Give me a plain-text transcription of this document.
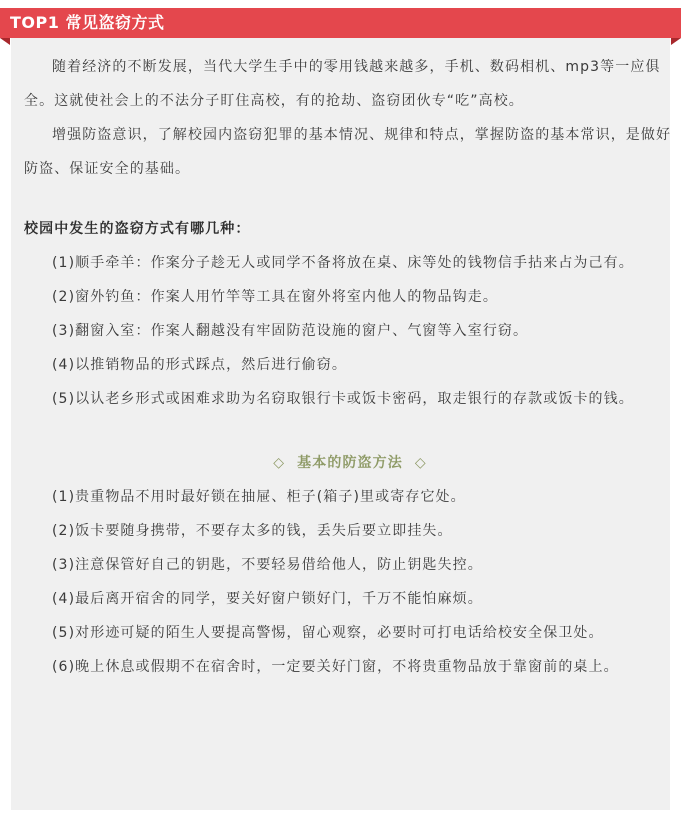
TOP1 常见盗窃方式

随着经济的不断发展，当代大学生手中的零用钱越来越多，手机、数码相机、mp3等一应俱全。这就使社会上的不法分子盯住高校，有的抢劫、盗窃团伙专“吃”高校。

增强防盗意识，了解校园内盗窃犯罪的基本情况、规律和特点，掌握防盗的基本常识，是做好防盗、保证安全的基础。

校园中发生的盗窃方式有哪几种：

(1)顺手牵羊：作案分子趁无人或同学不备将放在桌、床等处的钱物信手拈来占为己有。

(2)窗外钓鱼：作案人用竹竿等工具在窗外将室内他人的物品钩走。

(3)翻窗入室：作案人翻越没有牢固防范设施的窗户、气窗等入室行窃。

(4)以推销物品的形式踩点，然后进行偷窃。

(5)以认老乡形式或困难求助为名窃取银行卡或饭卡密码，取走银行的存款或饭卡的钱。

◇ 基本的防盗方法 ◇

(1)贵重物品不用时最好锁在抽屉、柜子(箱子)里或寄存它处。

(2)饭卡要随身携带，不要存太多的钱，丢失后要立即挂失。

(3)注意保管好自己的钥匙，不要轻易借给他人，防止钥匙失控。

(4)最后离开宿舍的同学，要关好窗户锁好门，千万不能怕麻烦。

(5)对形迹可疑的陌生人要提高警惕，留心观察，必要时可打电话给校安全保卫处。

(6)晚上休息或假期不在宿舍时，一定要关好门窗，不将贵重物品放于靠窗前的桌上。
